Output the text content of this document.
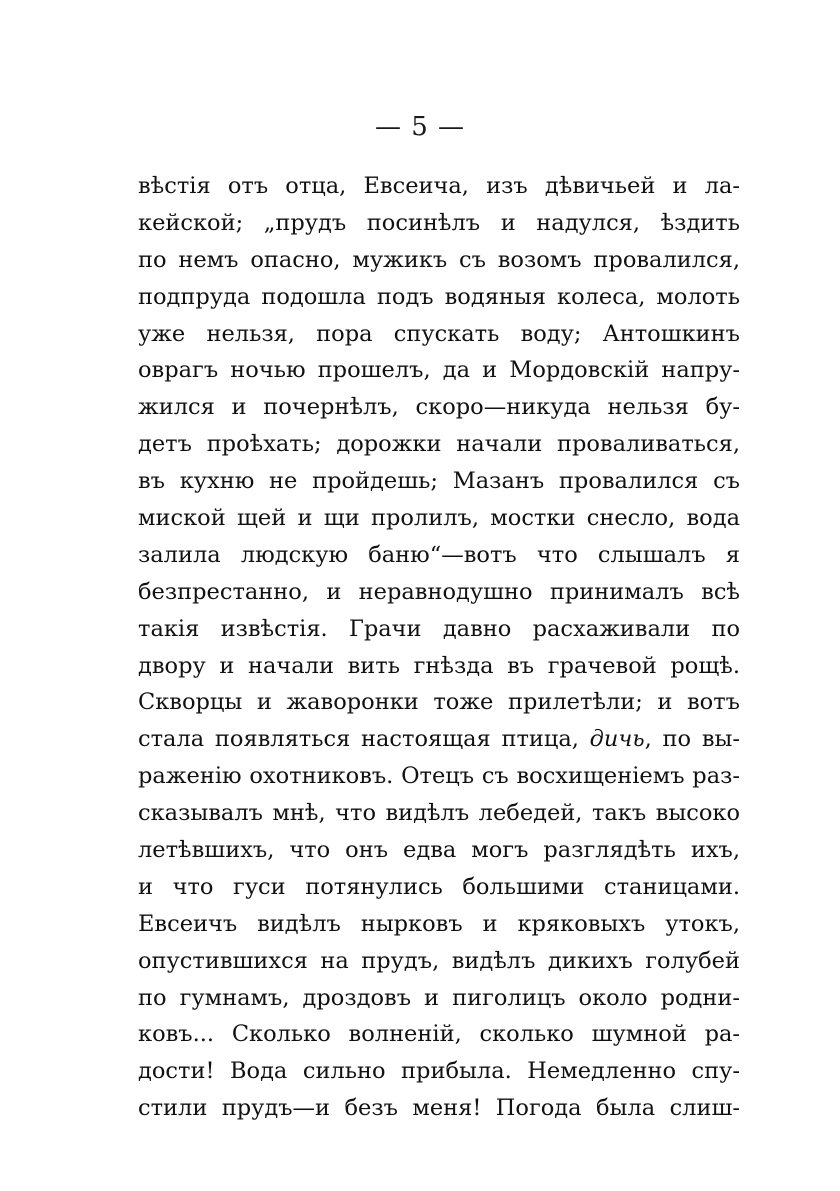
— 5 —
вѣстія отъ отца, Евсеича, изъ дѣвичьей и ла-
кейской; „прудъ посинѣлъ и надулся, ѣздить
по немъ опасно, мужикъ съ возомъ провалился,
подпруда подошла подъ водяныя колеса, молоть
уже нельзя, пора спускать воду; Антошкинъ
оврагъ ночью прошелъ, да и Мордовскій напру-
жился и почернѣлъ, скоро—никуда нельзя бу-
детъ проѣхать; дорожки начали проваливаться,
въ кухню не пройдешь; Мазанъ провалился съ
миской щей и щи пролилъ, мостки снесло, вода
залила людскую баню“—вотъ что слышалъ я
безпрестанно, и неравнодушно принималъ всѣ
такія извѣстія. Грачи давно расхаживали по
двору и начали вить гнѣзда въ грачевой рощѣ.
Скворцы и жаворонки тоже прилетѣли; и вотъ
стала появляться настоящая птица, дичь, по вы-
раженію охотниковъ. Отецъ съ восхищеніемъ раз-
сказывалъ мнѣ, что видѣлъ лебедей, такъ высоко
летѣвшихъ, что онъ едва могъ разглядѣть ихъ,
и что гуси потянулись большими станицами.
Евсеичъ видѣлъ нырковъ и кряковыхъ утокъ,
опустившихся на прудъ, видѣлъ дикихъ голубей
по гумнамъ, дроздовъ и пиголицъ около родни-
ковъ... Сколько волненій, сколько шумной ра-
дости! Вода сильно прибыла. Немедленно спу-
стили прудъ—и безъ меня! Погода была слиш-
